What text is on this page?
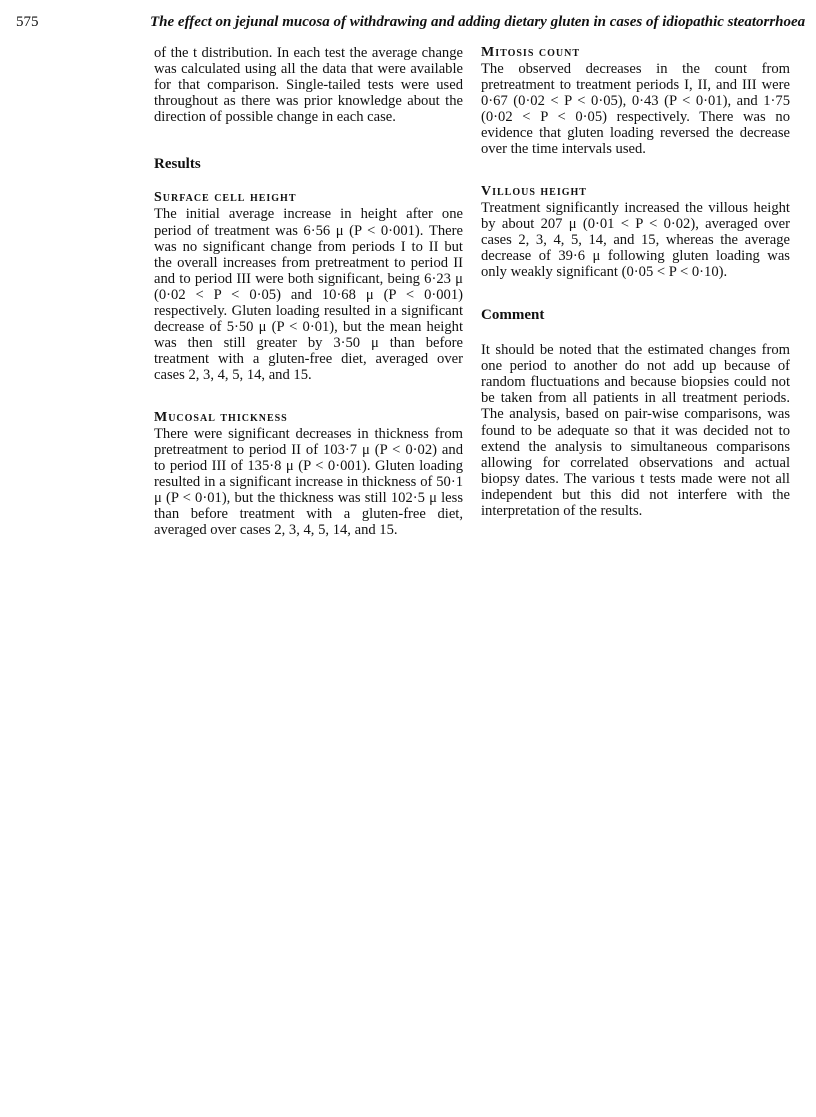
575	The effect on jejunal mucosa of withdrawing and adding dietary gluten in cases of idiopathic steatorrhoea

of the t distribution. In each test the average change was calculated using all the data that were available for that comparison. Single-tailed tests were used throughout as there was prior knowledge about the direction of possible change in each case.

Results
Surface cell height

The initial average increase in height after one period of treatment was 6·56 μ (P < 0·001). There was no significant change from periods I to II but the overall increases from pretreatment to period II and to period III were both significant, being 6·23 μ (0·02 < P < 0·05) and 10·68 μ (P < 0·001) respectively. Gluten loading resulted in a significant decrease of 5·50 μ (P < 0·01), but the mean height was then still greater by 3·50 μ than before treatment with a gluten-free diet, averaged over cases 2, 3, 4, 5, 14, and 15.

Mucosal thickness

There were significant decreases in thickness from pretreatment to period II of 103·7 μ (P < 0·02) and to period III of 135·8 μ (P < 0·001). Gluten loading resulted in a significant increase in thickness of 50·1 μ (P < 0·01), but the thickness was still 102·5 μ less than before treatment with a gluten-free diet, averaged over cases 2, 3, 4, 5, 14, and 15.

Mitosis count

The observed decreases in the count from pretreatment to treatment periods I, II, and III were 0·67 (0·02 < P < 0·05), 0·43 (P < 0·01), and 1·75 (0·02 < P < 0·05) respectively. There was no evidence that gluten loading reversed the decrease over the time intervals used.

Villous height

Treatment significantly increased the villous height by about 207 μ (0·01 < P < 0·02), averaged over cases 2, 3, 4, 5, 14, and 15, whereas the average decrease of 39·6 μ following gluten loading was only weakly significant (0·05 < P < 0·10).

Comment

It should be noted that the estimated changes from one period to another do not add up because of random fluctuations and because biopsies could not be taken from all patients in all treatment periods. The analysis, based on pair-wise comparisons, was found to be adequate so that it was decided not to extend the analysis to simultaneous comparisons allowing for correlated observations and actual biopsy dates. The various t tests made were not all independent but this did not interfere with the interpretation of the results.
